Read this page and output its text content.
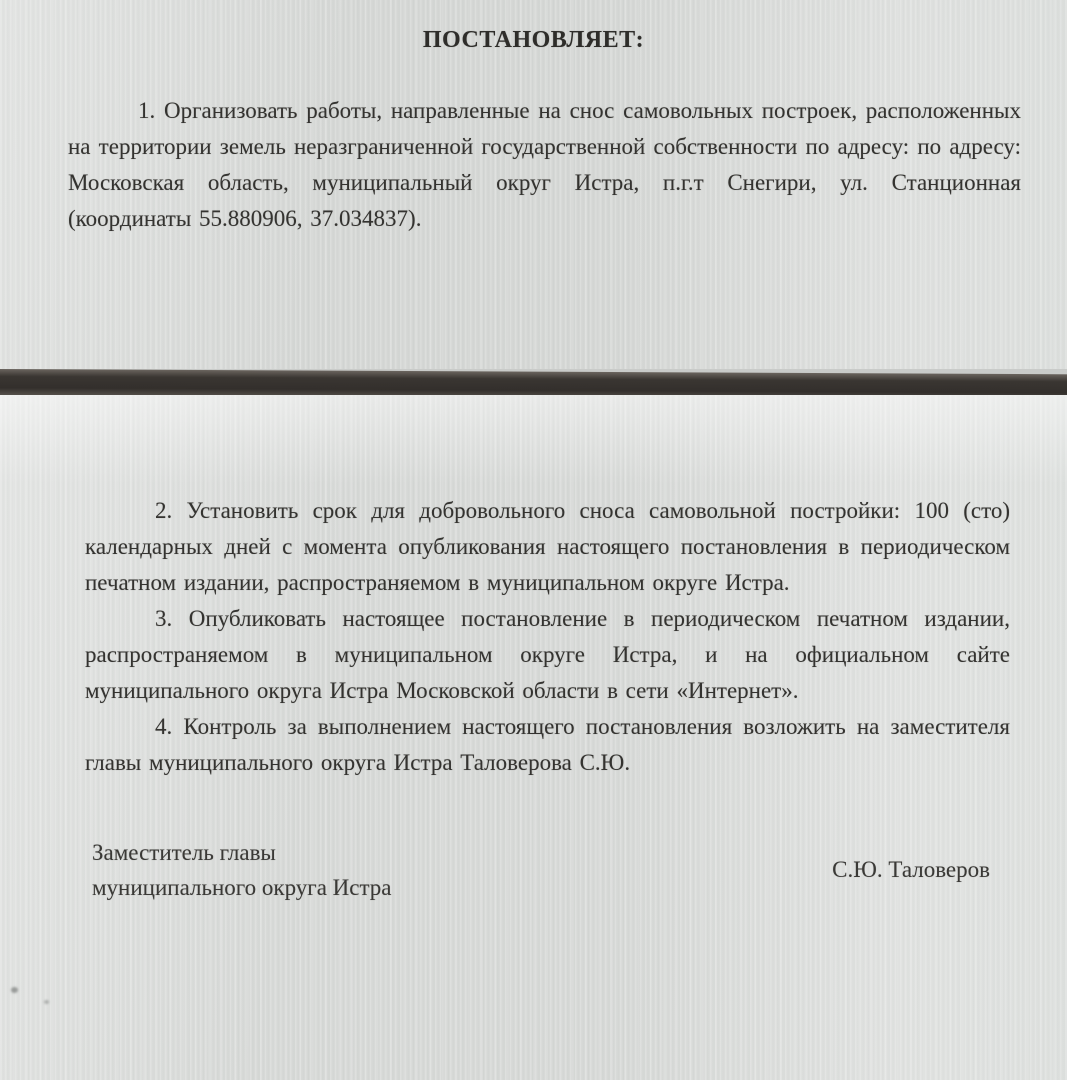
ПОСТАНОВЛЯЕТ:

1. Организовать работы, направленные на снос самовольных построек, расположенных на территории земель неразграниченной государственной собственности по адресу: по адресу: Московская область, муниципальный округ Истра, п.г.т Снегири, ул. Станционная (координаты 55.880906, 37.034837).

2. Установить срок для добровольного сноса самовольной постройки: 100 (сто) календарных дней с момента опубликования настоящего постановления в периодическом печатном издании, распространяемом в муниципальном округе Истра.

3. Опубликовать настоящее постановление в периодическом печатном издании, распространяемом в муниципальном округе Истра, и на официальном сайте муниципального округа Истра Московской области в сети «Интернет».

4. Контроль за выполнением настоящего постановления возложить на заместителя главы муниципального округа Истра Таловерова С.Ю.

Заместитель главы
муниципального округа Истра
С.Ю. Таловеров
